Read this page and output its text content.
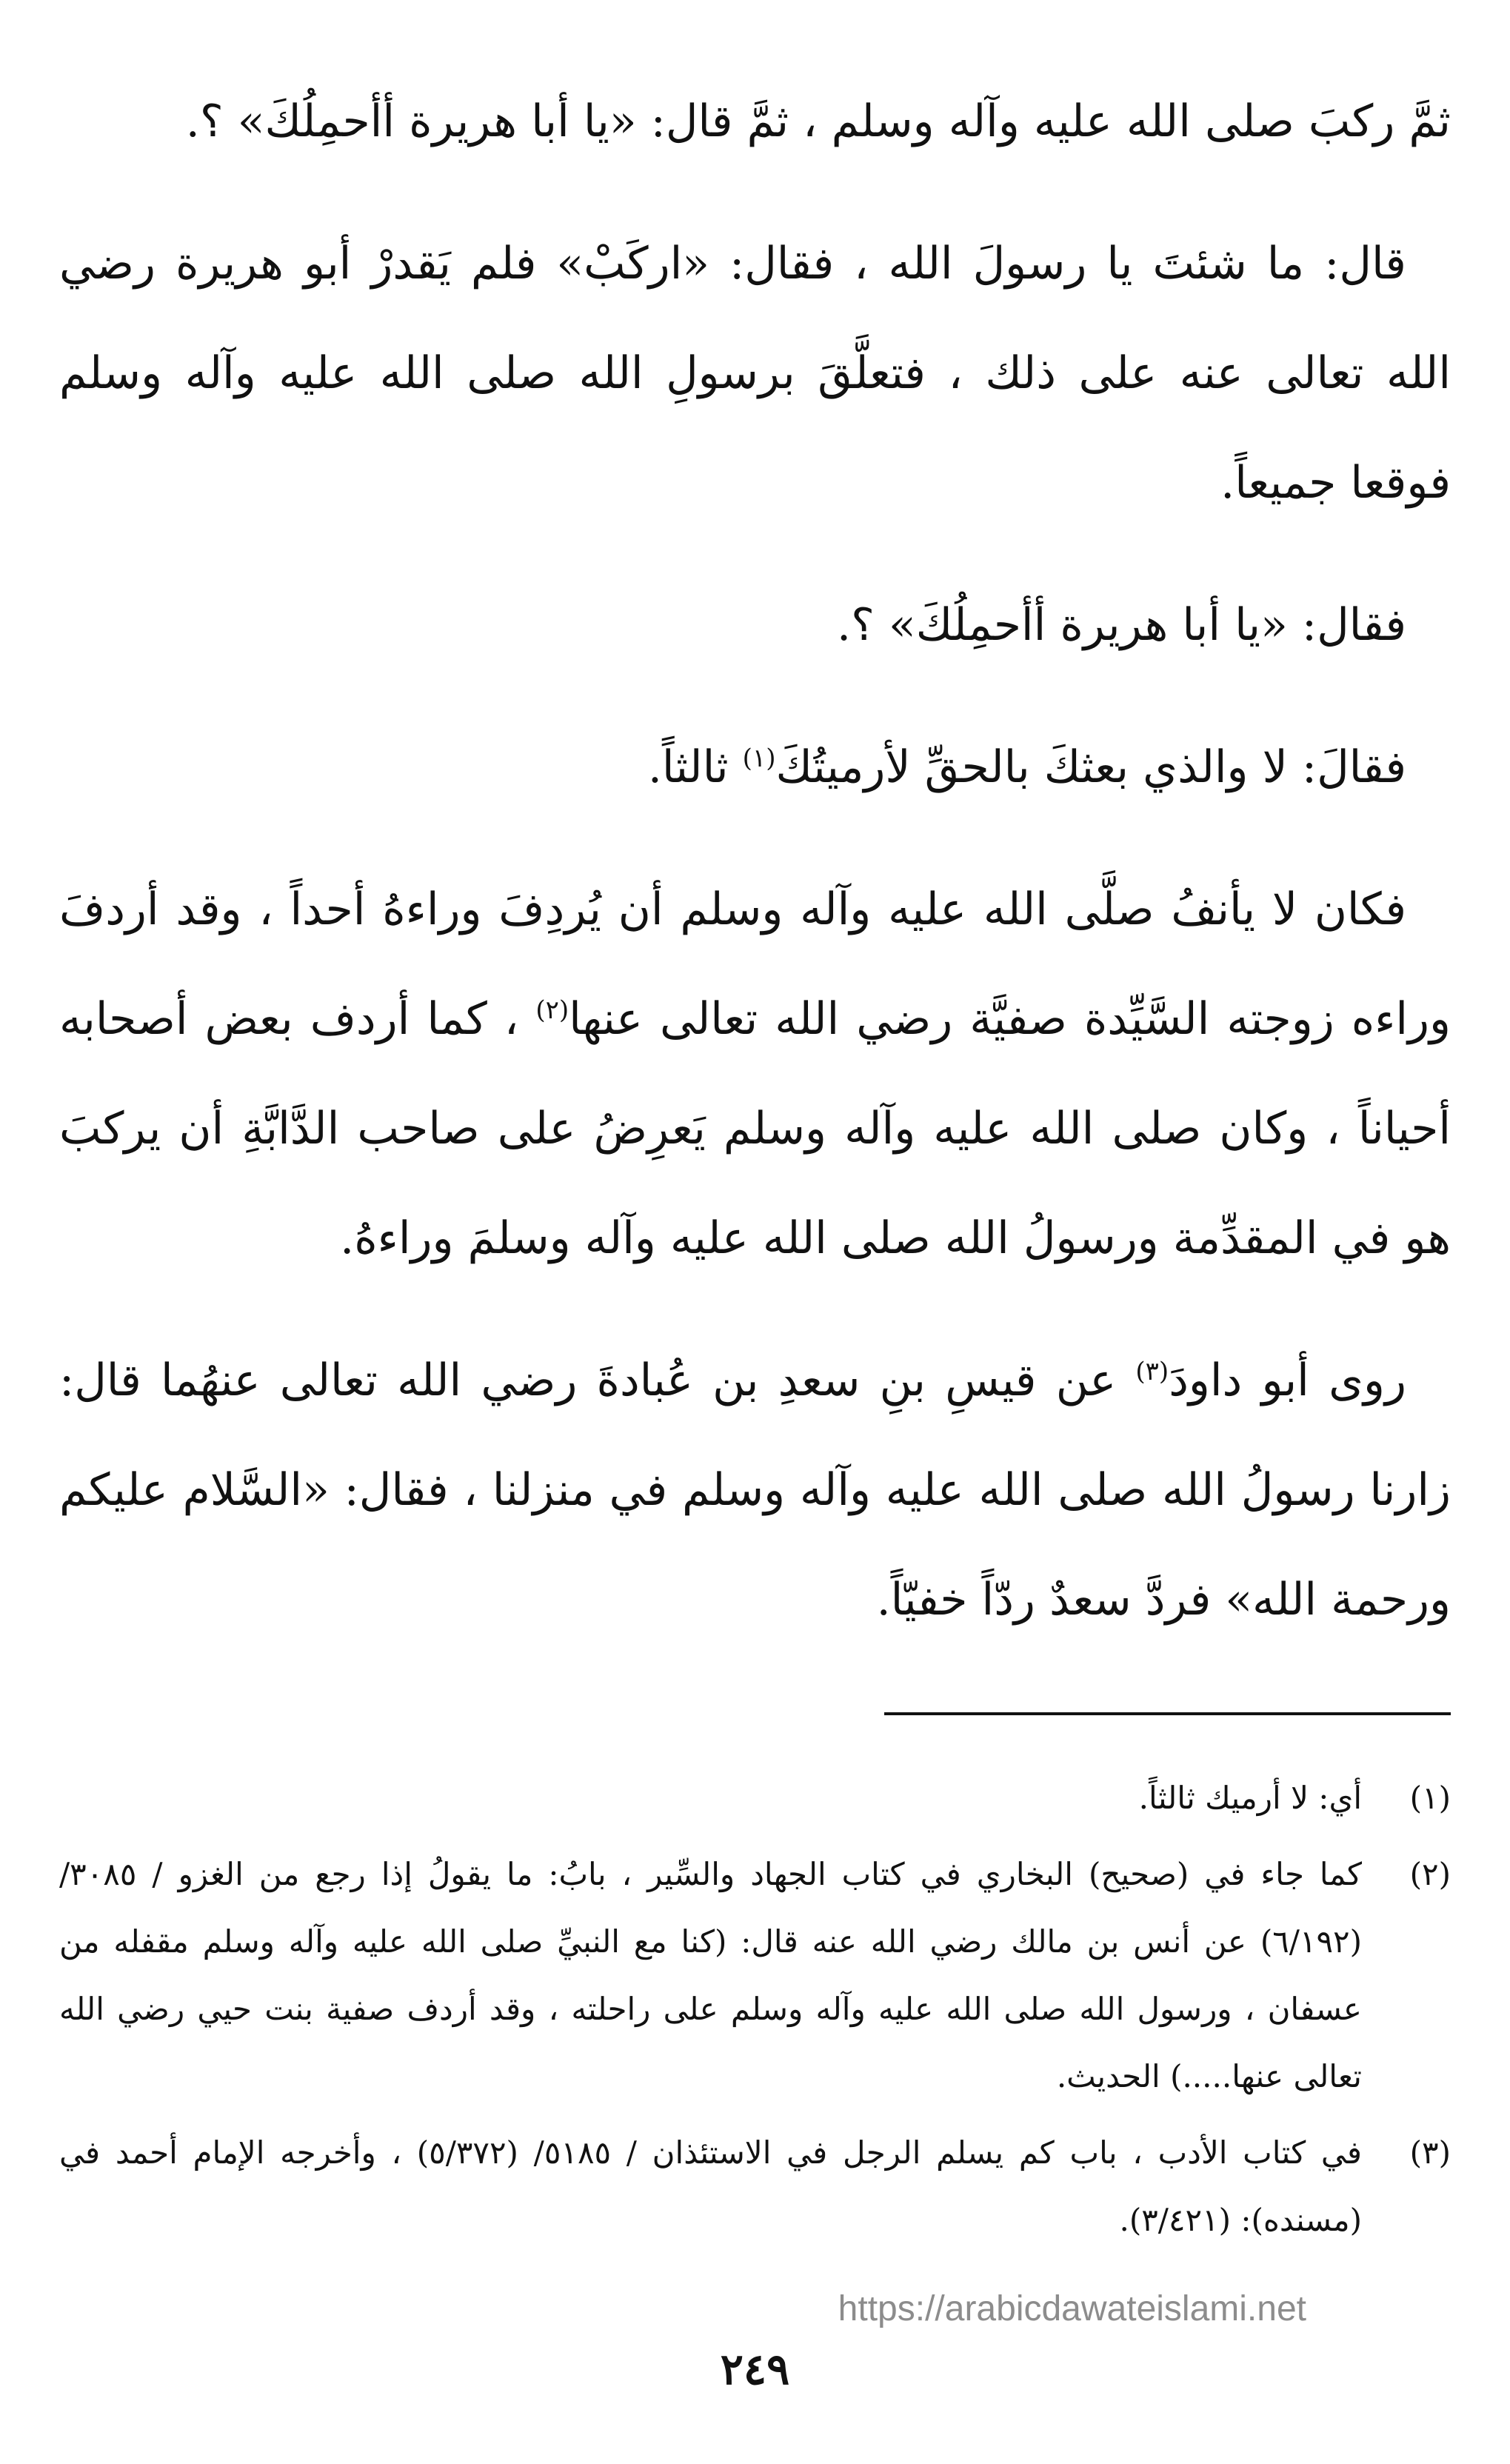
ثمَّ ركبَ صلى الله عليه وآله وسلم ، ثمَّ قال: «يا أبا هريرة أأحمِلُكَ» ؟.

قال: ما شئتَ يا رسولَ الله ، فقال: «اركَبْ» فلم يَقدرْ أبو هريرة رضي الله تعالى عنه على ذلك ، فتعلَّقَ برسولِ الله صلى الله عليه وآله وسلم فوقعا جميعاً.

فقال: «يا أبا هريرة أأحمِلُكَ» ؟.

فقالَ: لا والذي بعثكَ بالحقِّ لأرميتُكَ$^{(١)}$ ثالثاً.

فكان لا يأنفُ صلَّى الله عليه وآله وسلم أن يُردِفَ وراءهُ أحداً ، وقد أردفَ وراءه زوجته السَّيِّدة صفيَّة رضي الله تعالى عنها$^{(٢)}$ ، كما أردف بعض أصحابه أحياناً ، وكان صلى الله عليه وآله وسلم يَعرِضُ على صاحب الدَّابَّةِ أن يركبَ هو في المقدِّمة ورسولُ الله صلى الله عليه وآله وسلمَ وراءهُ.

روى أبو داودَ$^{(٣)}$ عن قيسِ بنِ سعدِ بن عُبادةَ رضي الله تعالى عنهُما قال: زارنا رسولُ الله صلى الله عليه وآله وسلم في منزلنا ، فقال: «السَّلام عليكم ورحمة الله» فردَّ سعدٌ ردّاً خفيّاً.

(١)
أي: لا أرميك ثالثاً.
(٢)
كما جاء في (صحيح) البخاري في كتاب الجهاد والسِّير ، بابُ: ما يقولُ إذا رجع من الغزو / ٣٠٨٥/ (٦/١٩٢) عن أنس بن مالك رضي الله عنه قال: (كنا مع النبيِّ صلى الله عليه وآله وسلم مقفله من عسفان ، ورسول الله صلى الله عليه وآله وسلم على راحلته ، وقد أردف صفية بنت حيي رضي الله تعالى عنها.....) الحديث.
(٣)
في كتاب الأدب ، باب كم يسلم الرجل في الاستئذان / ٥١٨٥/ (٥/٣٧٢) ، وأخرجه الإمام أحمد في (مسنده): (٣/٤٢١).
https://arabicdawateislami.net
٢٤٩
